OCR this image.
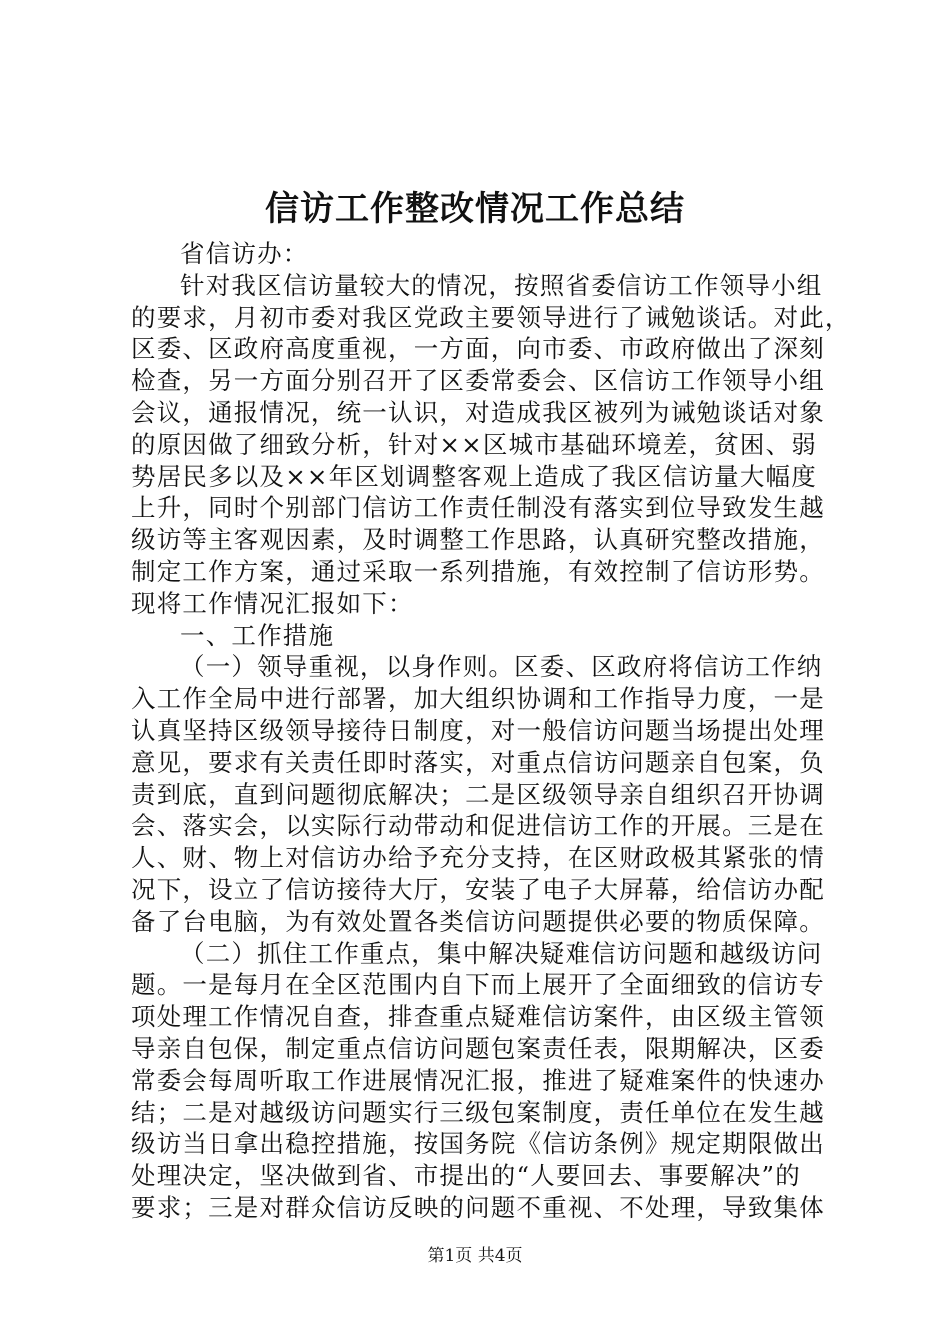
信访工作整改情况工作总结
省信访办：
针对我区信访量较大的情况，按照省委信访工作领导小组
的要求，月初市委对我区党政主要领导进行了诫勉谈话。对此，
区委、区政府高度重视，一方面，向市委、市政府做出了深刻
检查，另一方面分别召开了区委常委会、区信访工作领导小组
会议，通报情况，统一认识，对造成我区被列为诫勉谈话对象
的原因做了细致分析，针对××区城市基础环境差，贫困、弱
势居民多以及××年区划调整客观上造成了我区信访量大幅度
上升，同时个别部门信访工作责任制没有落实到位导致发生越
级访等主客观因素，及时调整工作思路，认真研究整改措施，
制定工作方案，通过采取一系列措施，有效控制了信访形势。
现将工作情况汇报如下：
一、工作措施
（一）领导重视，以身作则。区委、区政府将信访工作纳
入工作全局中进行部署，加大组织协调和工作指导力度，一是
认真坚持区级领导接待日制度，对一般信访问题当场提出处理
意见，要求有关责任即时落实，对重点信访问题亲自包案，负
责到底，直到问题彻底解决；二是区级领导亲自组织召开协调
会、落实会，以实际行动带动和促进信访工作的开展。三是在
人、财、物上对信访办给予充分支持，在区财政极其紧张的情
况下，设立了信访接待大厅，安装了电子大屏幕，给信访办配
备了台电脑，为有效处置各类信访问题提供必要的物质保障。
（二）抓住工作重点，集中解决疑难信访问题和越级访问
题。一是每月在全区范围内自下而上展开了全面细致的信访专
项处理工作情况自查，排查重点疑难信访案件，由区级主管领
导亲自包保，制定重点信访问题包案责任表，限期解决，区委
常委会每周听取工作进展情况汇报，推进了疑难案件的快速办
结；二是对越级访问题实行三级包案制度，责任单位在发生越
级访当日拿出稳控措施，按国务院《信访条例》规定期限做出
处理决定，坚决做到省、市提出的“人要回去、事要解决”的
要求；三是对群众信访反映的问题不重视、不处理，导致集体
第1页 共4页
